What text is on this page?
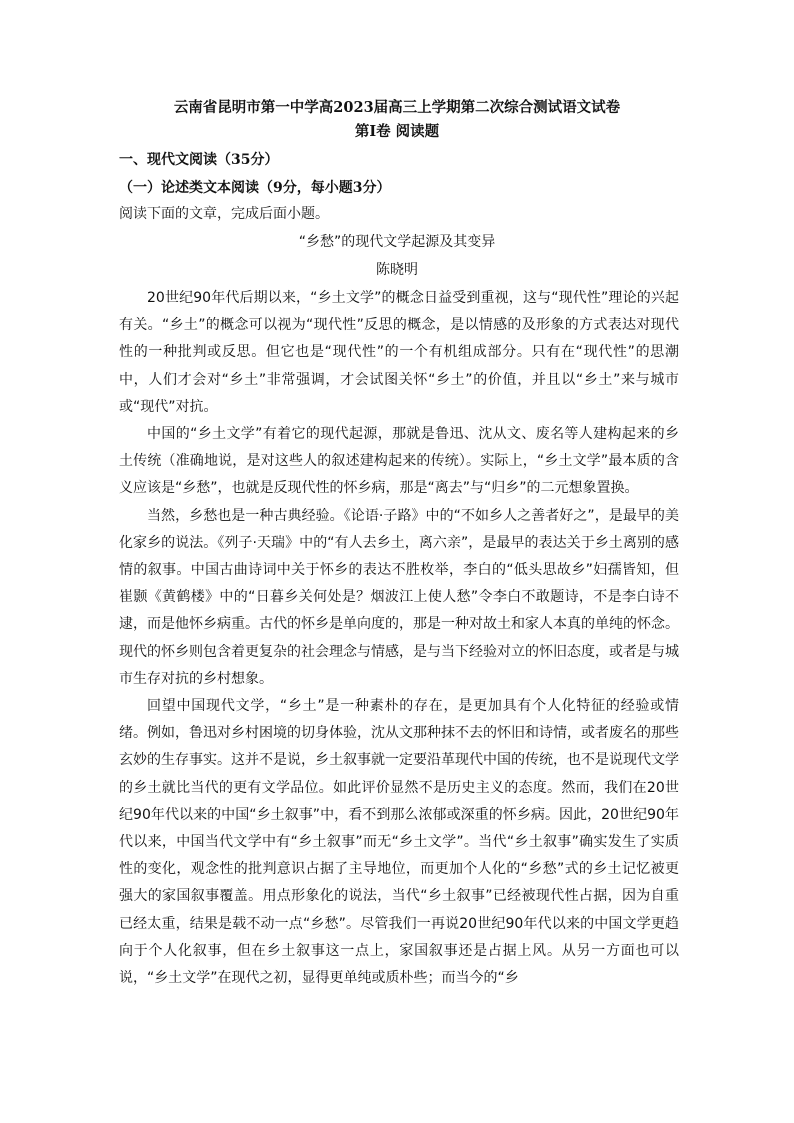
云南省昆明市第一中学高2023届高三上学期第二次综合测试语文试卷
第Ⅰ卷 阅读题
一、现代文阅读（35分）
（一）论述类文本阅读（9分，每小题3分）
阅读下面的文章，完成后面小题。
“乡愁”的现代文学起源及其变异
陈晓明

20世纪90年代后期以来，“乡土文学”的概念日益受到重视，这与“现代性”理论的兴起有关。“乡土”的概念可以视为“现代性”反思的概念，是以情感的及形象的方式表达对现代性的一种批判或反思。但它也是“现代性”的一个有机组成部分。只有在“现代性”的思潮中，人们才会对“乡土”非常强调，才会试图关怀“乡土”的价值，并且以“乡土”来与城市或“现代”对抗。

中国的“乡土文学”有着它的现代起源，那就是鲁迅、沈从文、废名等人建构起来的乡土传统（准确地说，是对这些人的叙述建构起来的传统）。实际上，“乡土文学”最本质的含义应该是“乡愁”，也就是反现代性的怀乡病，那是“离去”与“归乡”的二元想象置换。

当然，乡愁也是一种古典经验。《论语·子路》中的“不如乡人之善者好之”，是最早的美化家乡的说法。《列子·天瑞》中的“有人去乡土，离六亲”，是最早的表达关于乡土离别的感情的叙事。中国古曲诗词中关于怀乡的表达不胜枚举，李白的“低头思故乡”妇孺皆知，但崔颢《黄鹤楼》中的“日暮乡关何处是？烟波江上使人愁”令李白不敢题诗，不是李白诗不逮，而是他怀乡病重。古代的怀乡是单向度的，那是一种对故土和家人本真的单纯的怀念。现代的怀乡则包含着更复杂的社会理念与情感，是与当下经验对立的怀旧态度，或者是与城市生存对抗的乡村想象。

回望中国现代文学，“乡土”是一种素朴的存在，是更加具有个人化特征的经验或情绪。例如，鲁迅对乡村困境的切身体验，沈从文那种抹不去的怀旧和诗情，或者废名的那些玄妙的生存事实。这并不是说，乡土叙事就一定要沿革现代中国的传统，也不是说现代文学的乡土就比当代的更有文学品位。如此评价显然不是历史主义的态度。然而，我们在20世纪90年代以来的中国“乡土叙事”中，看不到那么浓郁或深重的怀乡病。因此，20世纪90年代以来，中国当代文学中有“乡土叙事”而无“乡土文学”。当代“乡土叙事”确实发生了实质性的变化，观念性的批判意识占据了主导地位，而更加个人化的“乡愁”式的乡土记忆被更强大的家国叙事覆盖。用点形象化的说法，当代“乡土叙事”已经被现代性占据，因为自重已经太重，结果是载不动一点“乡愁”。尽管我们一再说20世纪90年代以来的中国文学更趋向于个人化叙事，但在乡土叙事这一点上，家国叙事还是占据上风。从另一方面也可以说，“乡土文学”在现代之初，显得更单纯或质朴些；而当今的“乡
